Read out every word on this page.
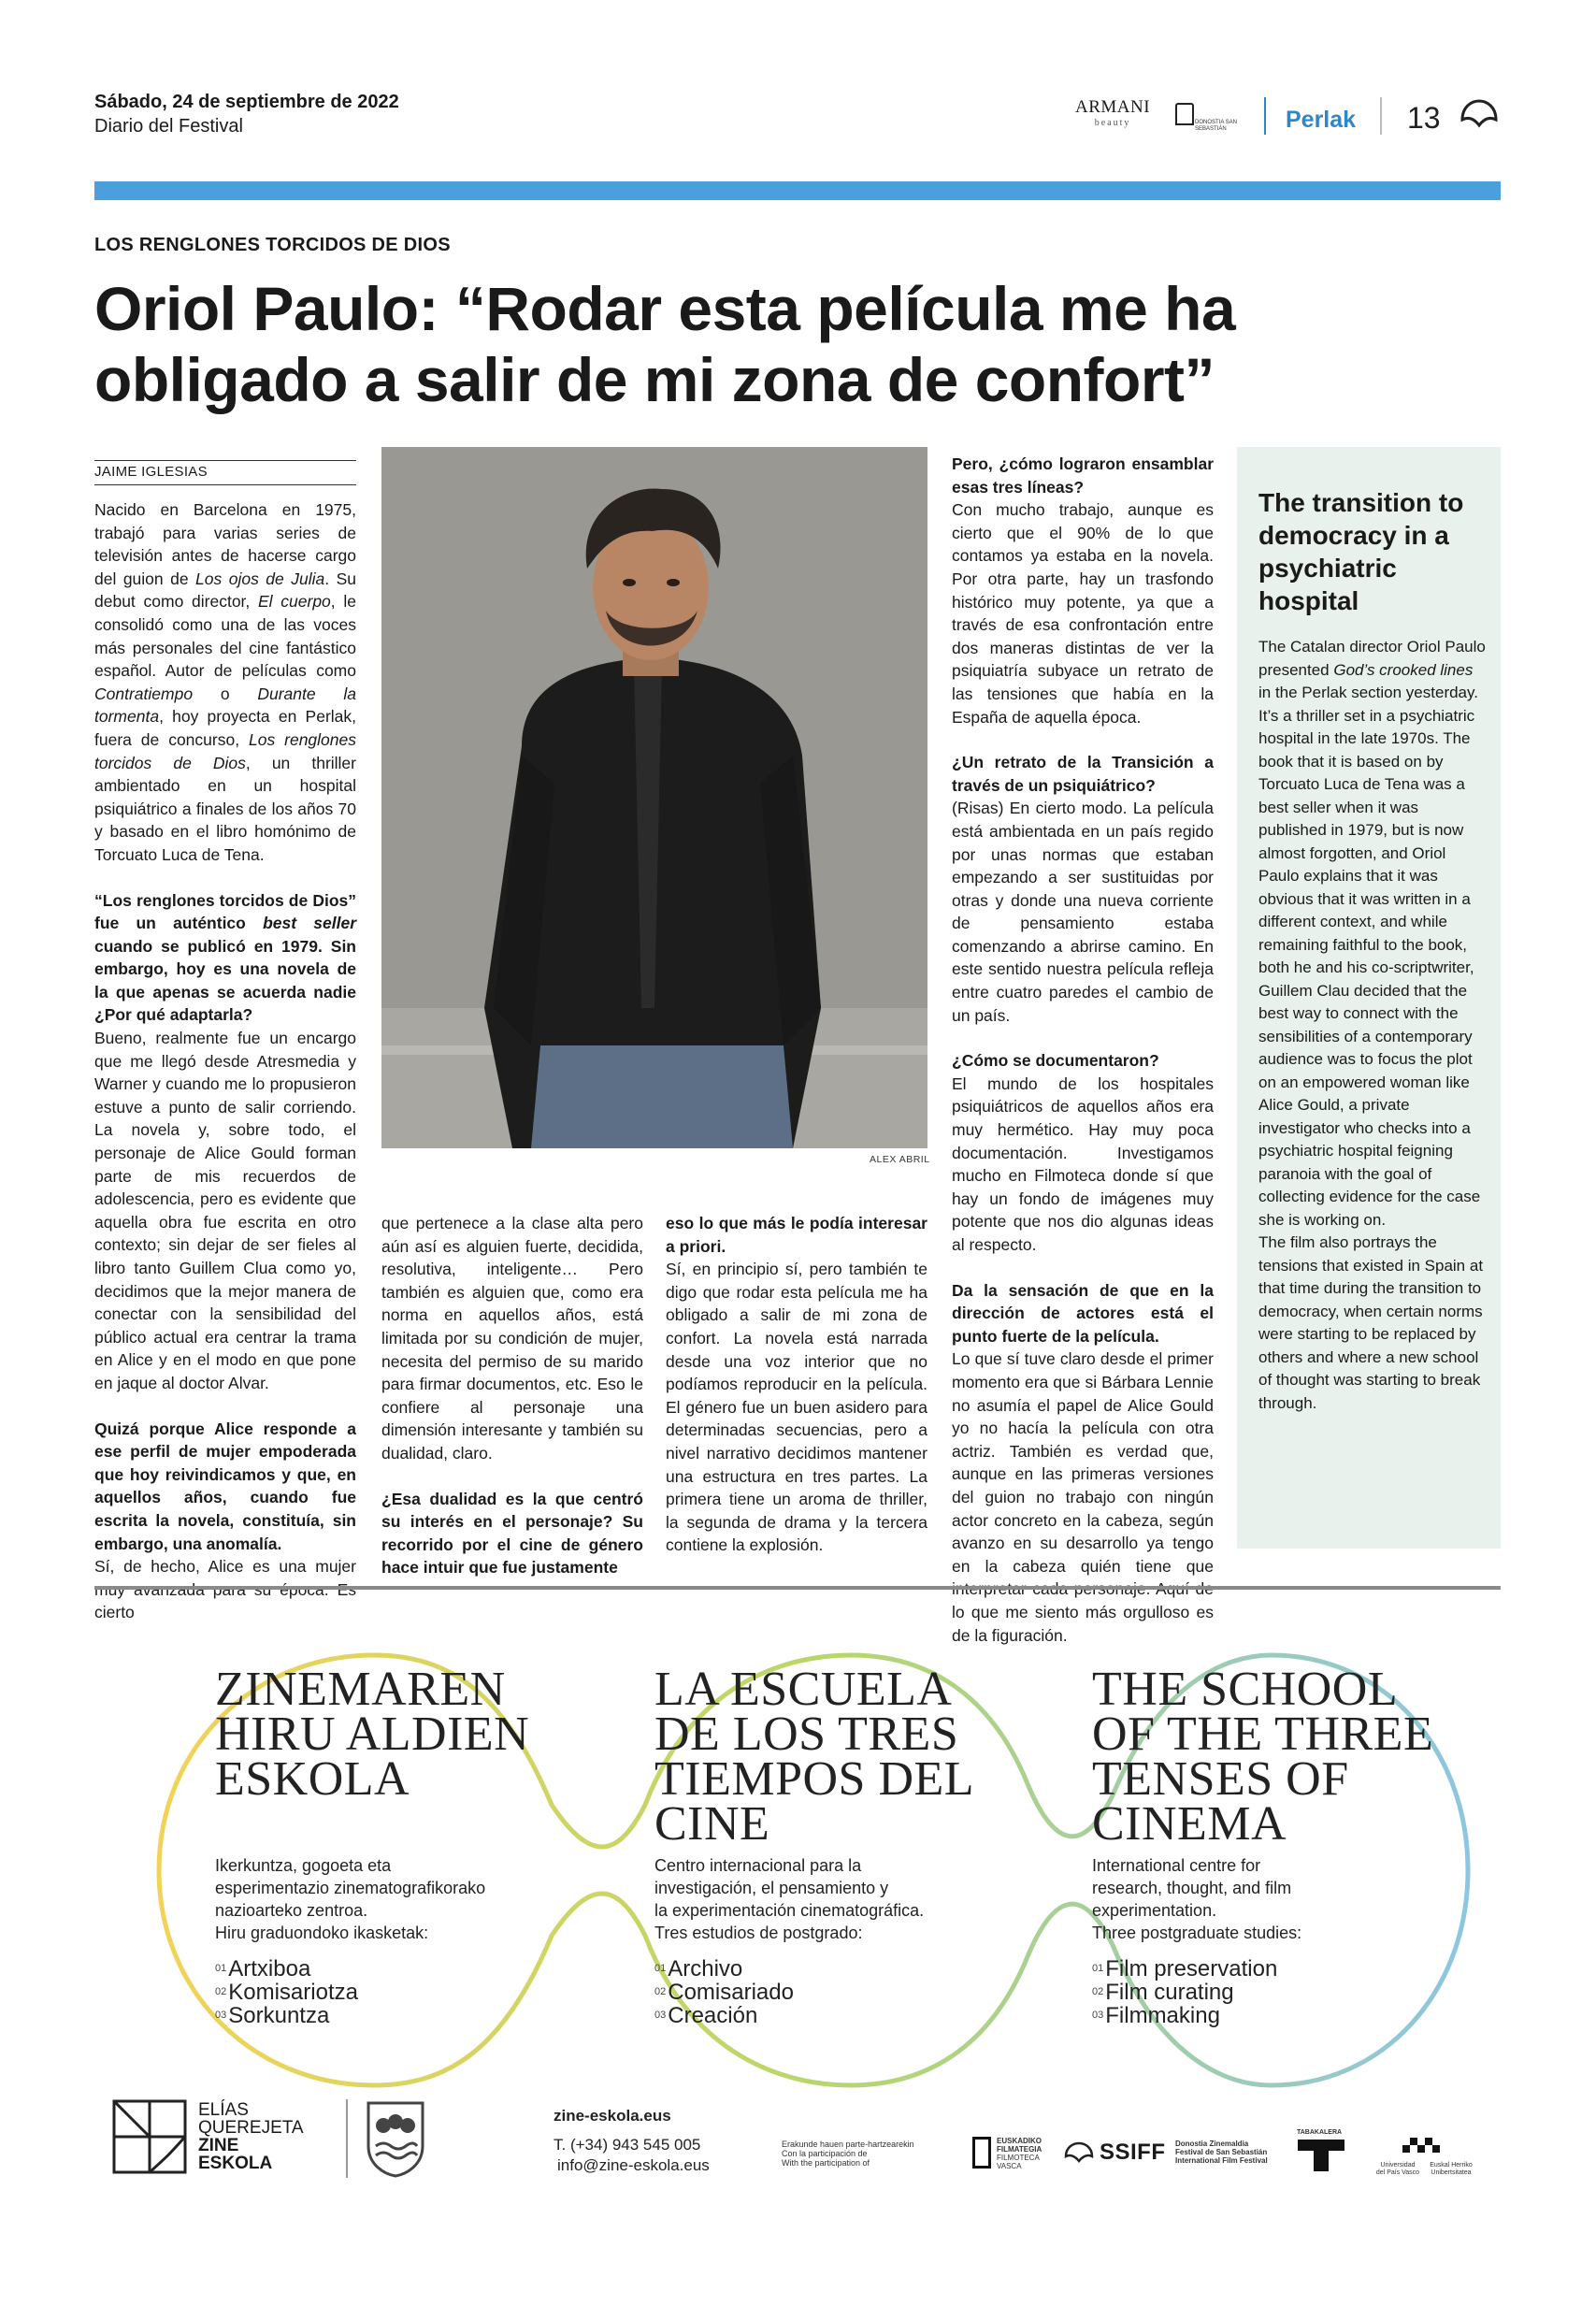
Sábado, 24 de septiembre de 2022
Diario del Festival
ARMANI
beauty	DONOSTIA SAN SEBASTIÁN	Perlak 13
LOS RENGLONES TORCIDOS DE DIOS
Oriol Paulo: “Rodar esta película me ha
obligado a salir de mi zona de confort”
JAIME IGLESIAS

Nacido en Barcelona en 1975, trabajó para varias series de televisión antes de hacerse cargo del guion de Los ojos de Julia. Su debut como director, El cuerpo, le consolidó como una de las voces más personales del cine fantástico español. Autor de películas como Contratiempo o Durante la tormenta, hoy proyecta en Perlak, fuera de concurso, Los renglones torcidos de Dios, un thriller ambientado en un hospital psiquiátrico a finales de los años 70 y basado en el libro homónimo de Torcuato Luca de Tena.

“Los renglones torcidos de Dios” fue un auténtico best seller cuando se publicó en 1979. Sin embargo, hoy es una novela de la que apenas se acuerda nadie ¿Por qué adaptarla?

Bueno, realmente fue un encargo que me llegó desde Atresmedia y Warner y cuando me lo propusieron estuve a punto de salir corriendo. La novela y, sobre todo, el personaje de Alice Gould forman parte de mis recuerdos de adolescencia, pero es evidente que aquella obra fue escrita en otro contexto; sin dejar de ser fieles al libro tanto Guillem Clua como yo, decidimos que la mejor manera de conectar con la sensibilidad del público actual era centrar la trama en Alice y en el modo en que pone en jaque al doctor Alvar.

Quizá porque Alice responde a ese perfil de mujer empoderada que hoy reivindicamos y que, en aquellos años, cuando fue escrita la novela, constituía, sin embargo, una anomalía.

Sí, de hecho, Alice es una mujer cierto

ALEX ABRIL

que pertenece a la clase alta pero aún así es alguien fuerte, decidida, resolutiva, inteligente… Pero también es alguien que, como era norma en aquellos años, está limitada por su condición de mujer, necesita del permiso de su marido para firmar documentos, etc. Eso le confiere al personaje una dimensión interesante y también su dualidad, claro.

¿Esa dualidad es la que centró su interés en el personaje? Su recorrido por el cine de género hace intuir que fue justamente

eso lo que más le podía interesar a priori.

Sí, en principio sí, pero también te digo que rodar esta película me ha obligado a salir de mi zona de confort. La novela está narrada desde una voz interior que no podíamos reproducir en la película. El género fue un buen asidero para determinadas secuencias, pero a nivel narrativo decidimos mantener una estructura en tres partes. La primera tiene un aroma de thriller, la segunda de drama y la tercera contiene la explosión.

Pero, ¿cómo lograron ensamblar esas tres líneas?

Con mucho trabajo, aunque es cierto que el 90% de lo que contamos ya estaba en la novela. Por otra parte, hay un trasfondo histórico muy potente, ya que a través de esa confrontación entre dos maneras distintas de ver la psiquiatría subyace un retrato de las tensiones que había en la España de aquella época.

¿Un retrato de la Transición a través de un psiquiátrico?

(Risas) En cierto modo. La película está ambientada en un país regido por unas normas que estaban empezando a ser sustituidas por otras y donde una nueva corriente de pensamiento estaba comenzando a abrirse camino. En este sentido nuestra película refleja entre cuatro paredes el cambio de un país.

¿Cómo se documentaron?

El mundo de los hospitales psiquiátricos de aquellos años era muy hermético. Hay muy poca documentación. Investigamos mucho en Filmoteca donde sí que hay un fondo de imágenes muy potente que nos dio algunas ideas al respecto.

Da la sensación de que en la dirección de actores está el punto fuerte de la película.

Lo que sí tuve claro desde el primer momento era que si Bárbara Lennie no asumía el papel de Alice Gould yo no hacía la película con otra actriz. También es verdad que, aunque en las primeras versiones del guion no trabajo con ningún actor concreto en la cabeza, según avanzo en su desarrollo ya tengo en la cabeza quién tiene que lo que me siento más orgulloso es de la figuración.

The transition to democracy in a psychiatric hospital

The Catalan director Oriol Paulo presented God’s crooked lines in the Perlak section yesterday. It’s a thriller set in a psychiatric hospital in the late 1970s. The book that it is based on by Torcuato Luca de Tena was a best seller when it was published in 1979, but is now almost forgotten, and Oriol Paulo explains that it was obvious that it was written in a different context, and while remaining faithful to the book, both he and his co-scriptwriter, Guillem Clau decided that the best way to connect with the sensibilities of a contemporary audience was to focus the plot on an empowered woman like Alice Gould, a private investigator who checks into a psychiatric hospital feigning paranoia with the goal of collecting evidence for the case she is working on.

The film also portrays the tensions that existed in Spain at that time during the transition to democracy, when certain norms were starting to be replaced by others and where a new school of thought was starting to break through.

ZINEMAREN
HIRU ALDIEN
ESKOLA
Ikerkuntza, gogoeta eta
esperimentazio zinematografikorako
nazioarteko zentroa.
Hiru graduondoko ikasketak:
$^{01}$Artxiboa
$^{02}$Komisariotza
$^{03}$Sorkuntza
LA ESCUELA
DE LOS TRES
TIEMPOS DEL
CINE
Centro internacional para la
investigación, el pensamiento y
la experimentación cinematográfica.
Tres estudios de postgrado:
$^{01}$Archivo
$^{02}$Comisariado
$^{03}$Creación
THE SCHOOL
OF THE THREE
TENSES OF
CINEMA
International centre for
research, thought, and film
experimentation.
Three postgraduate studies:
$^{01}$Film preservation
$^{02}$Film curating
$^{03}$Filmmaking
ELÍAS
QUEREJETA
ZINE
ESKOLA
zine-eskola.eus
T. (+34) 943 545 005
info@zine-eskola.eus
Erakunde hauen parte-hartzearekin
Con la participación de
With the participation of
EUSKADIKO
FILMATEGIA
FILMOTECA
VASCA
SSIFF Donostia Zinemaldia
Festival de San Sebastián
International Film Festival
TABAKALERA
Universidad
del País Vasco
Euskal Herriko
Unibertsitatea
